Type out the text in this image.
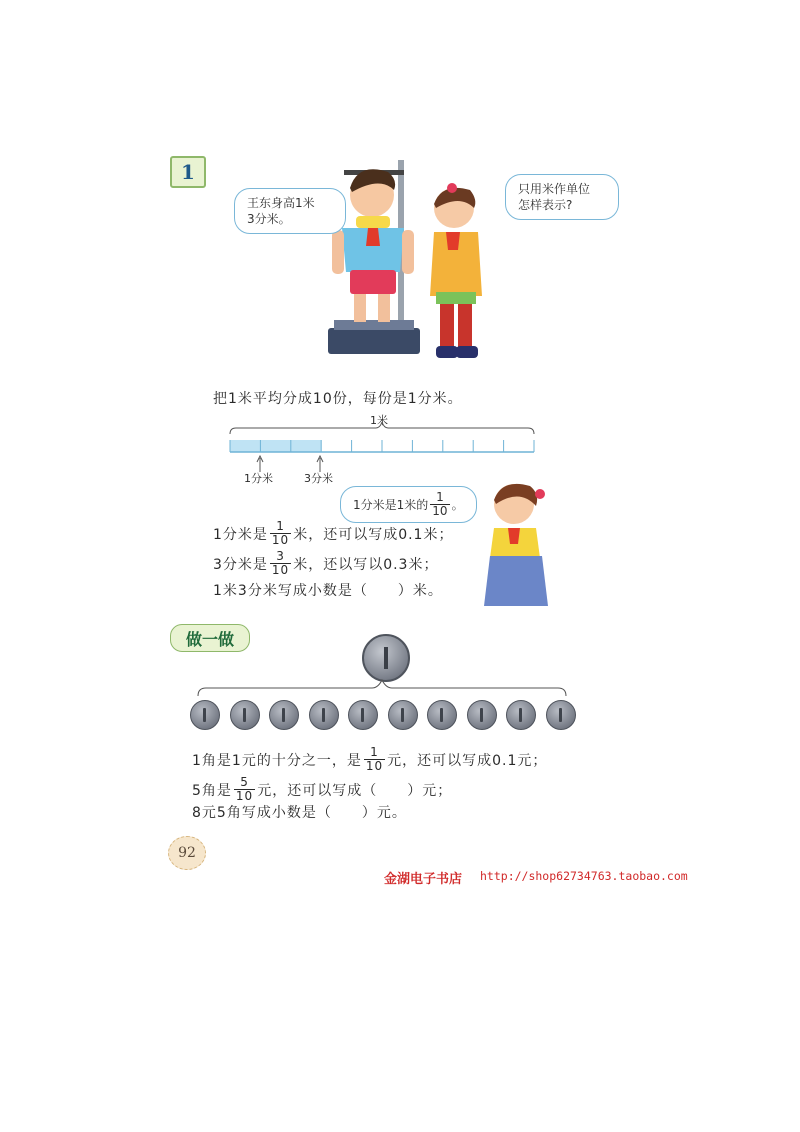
1
王东身高1米
3分米。
只用米作单位
怎样表示?
把1米平均分成10份，每份是1分米。
1米
1分米	3分米
1分米是1米的 $\frac{1}{10}$ 。
1分米是 $\frac{1}{10}$ 米，还可以写成0.1米；
3分米是 $\frac{3}{10}$ 米，还以写以0.3米；
1米3分米写成小数是（　　）米。
做一做
1角是1元的十分之一，是 $\frac{1}{10}$ 元，还可以写成0.1元；
5角是 $\frac{5}{10}$ 元，还可以写成（　　）元；
8元5角写成小数是（　　）元。
92
金湖电子书店 http://shop62734763.taobao.com
